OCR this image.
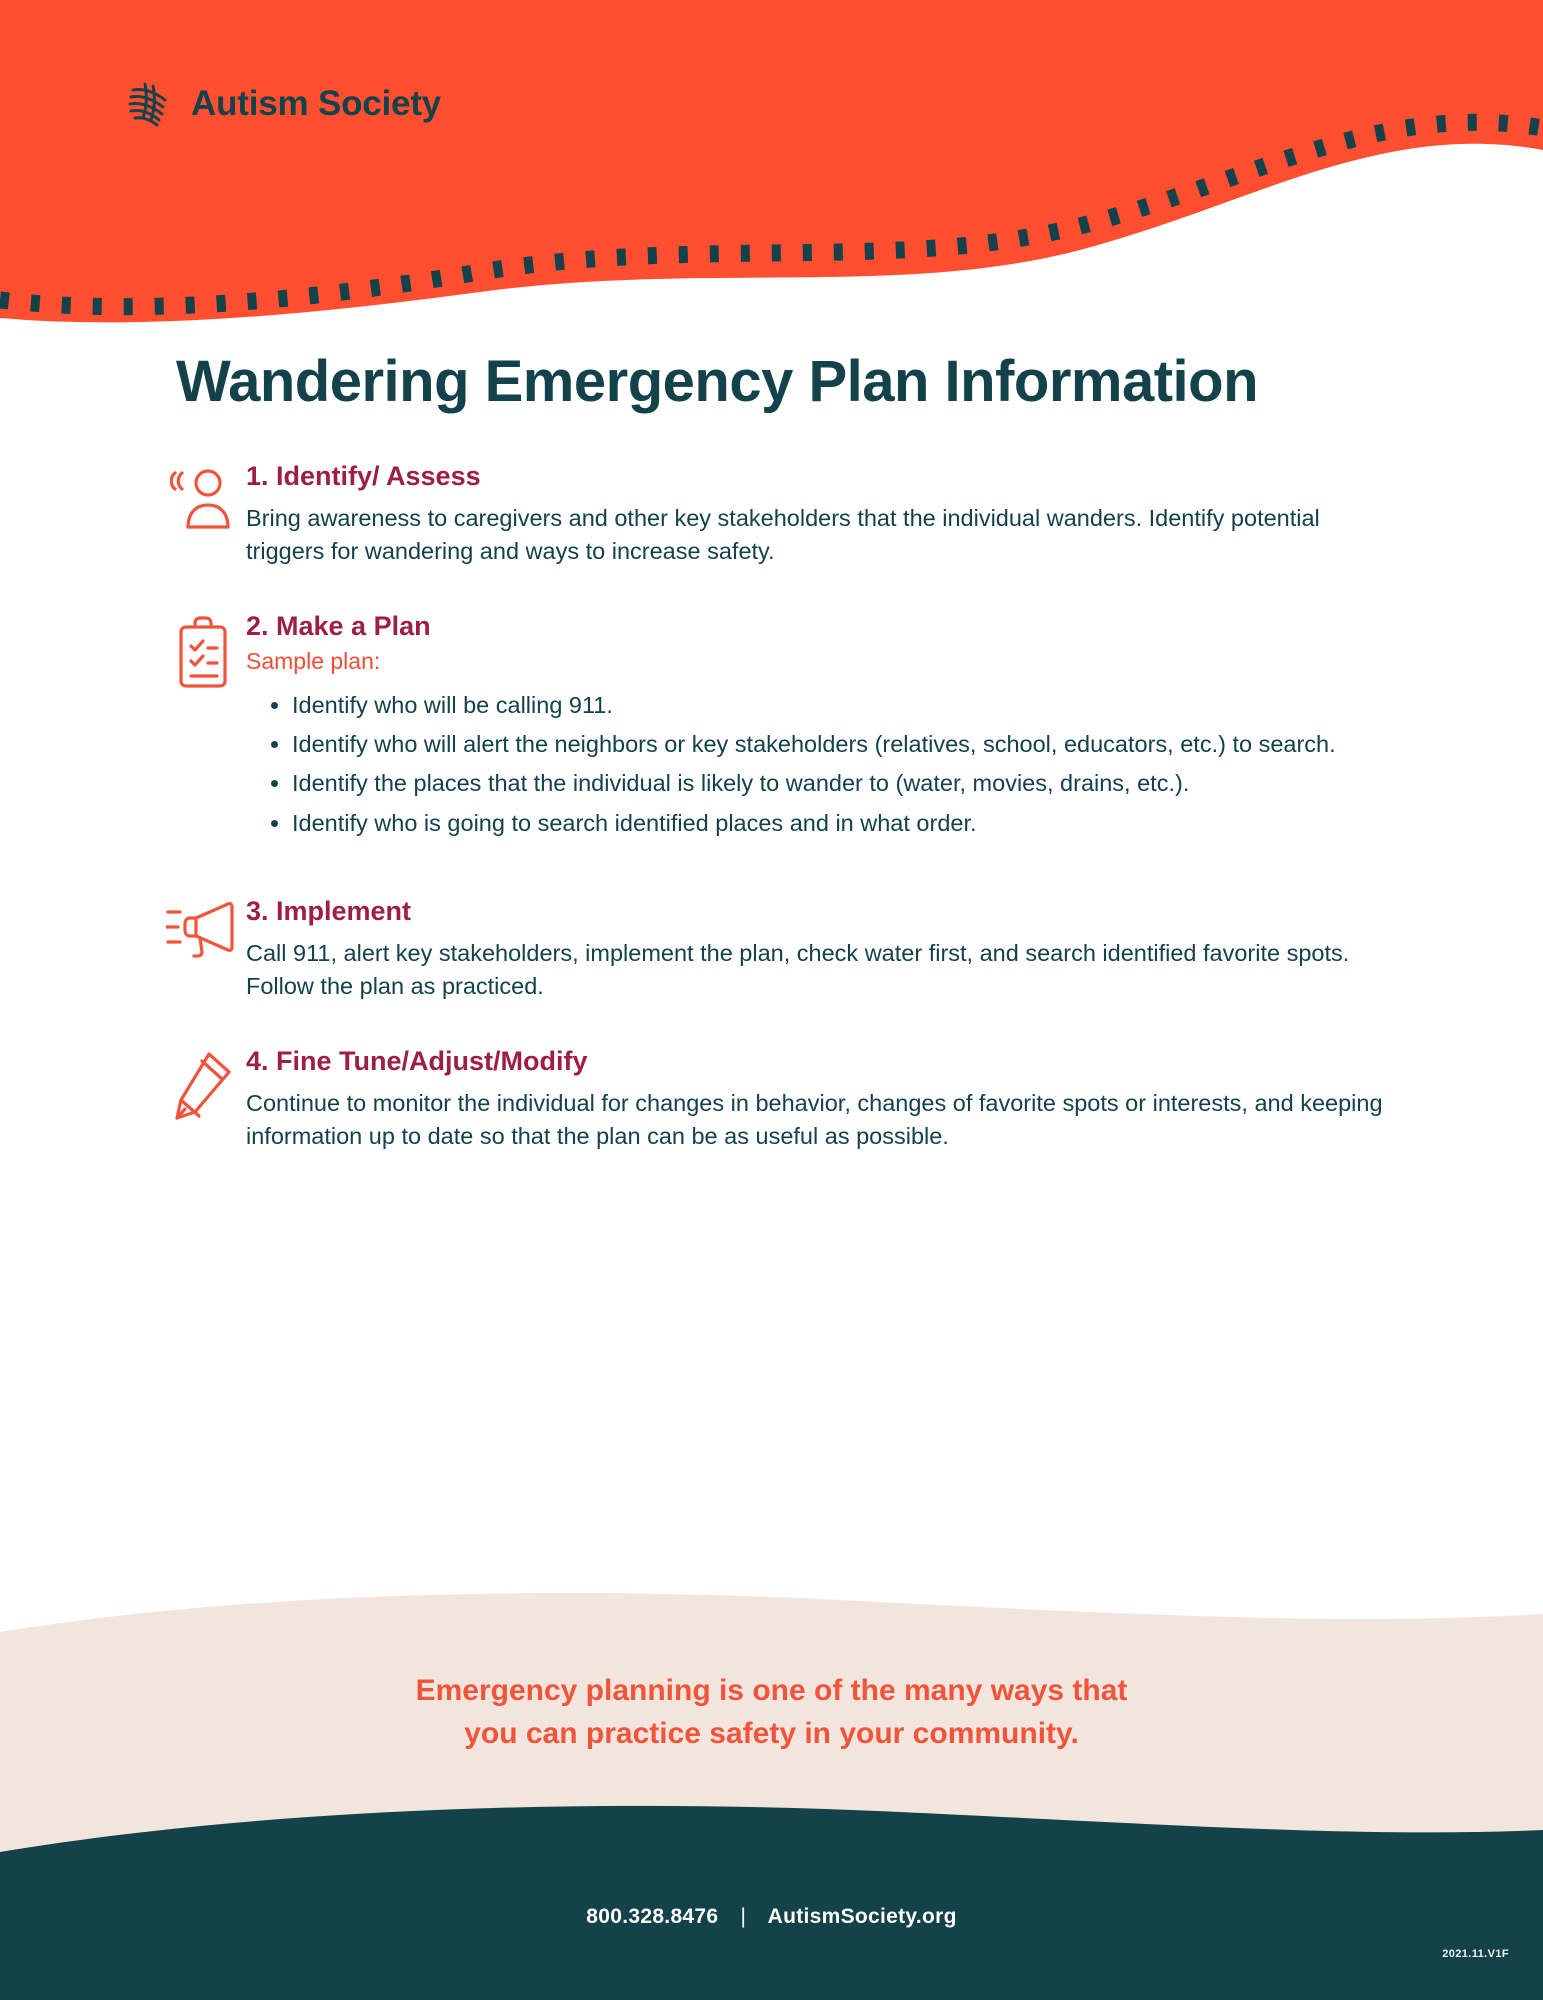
Autism Society
Wandering Emergency Plan Information
1. Identify/ Assess

Bring awareness to caregivers and other key stakeholders that the individual wanders. Identify potential triggers for wandering and ways to increase safety.

2. Make a Plan

Sample plan:

• Identify who will be calling 911.
• Identify who will alert the neighbors or key stakeholders (relatives, school, educators, etc.) to search.
• Identify the places that the individual is likely to wander to (water, movies, drains, etc.).
• Identify who is going to search identified places and in what order.
3. Implement

Call 911, alert key stakeholders, implement the plan, check water first, and search identified favorite spots. Follow the plan as practiced.

4. Fine Tune/Adjust/Modify

Continue to monitor the individual for changes in behavior, changes of favorite spots or interests, and keeping information up to date so that the plan can be as useful as possible.

Emergency planning is one of the many ways that
you can practice safety in your community.
800.328.8476 | AutismSociety.org
2021.11.V1F
